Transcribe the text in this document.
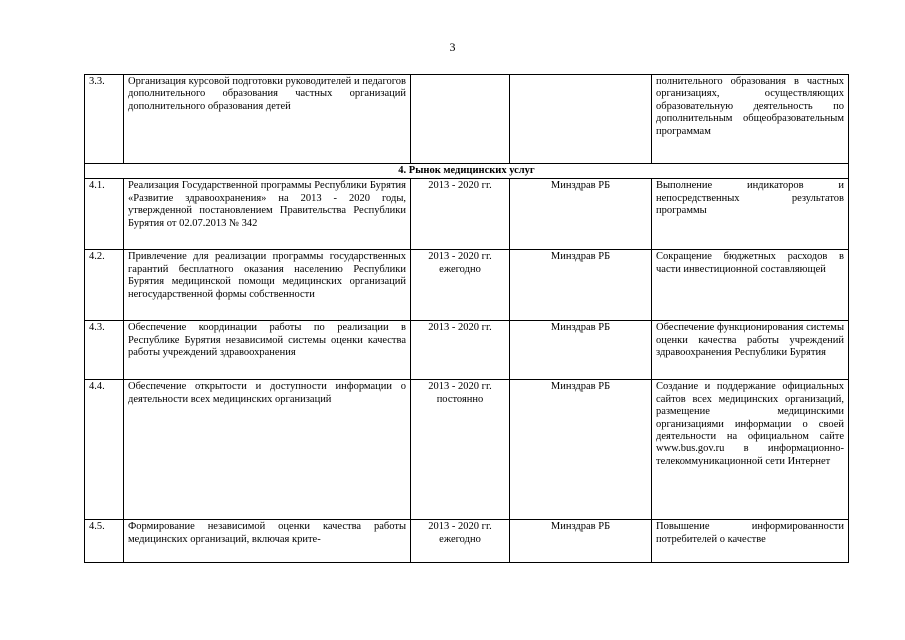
3
3.3.	Организация курсовой подготовки руководителей и педагогов дополнительного образования частных организаций дополнительного образования детей			полнительного образования в частных организациях, осуществляющих образовательную деятельность по дополнительным общеобразовательным программам
4. Рынок медицинских услуг				
4.1.	Реализация Государственной программы Республики Бурятия «Развитие здравоохранения» на 2013 - 2020 годы, утвержденной постановлением Правительства Республики Бурятия от 02.07.2013 № 342	2013 - 2020 гг.	Минздрав РБ	Выполнение индикаторов и непосредственных результатов программы
4.2.	Привлечение для реализации программы государственных гарантий бесплатного оказания населению Республики Бурятия медицинской помощи медицинских организаций негосударственной формы собственности	2013 - 2020 гг. ежегодно	Минздрав РБ	Сокращение бюджетных расходов в части инвестиционной составляющей
4.3.	Обеспечение координации работы по реализации в Республике Бурятия независимой системы оценки качества работы учреждений здравоохранения	2013 - 2020 гг.	Минздрав РБ	Обеспечение функционирования системы оценки качества работы учреждений здравоохранения Республики Бурятия
4.4.	Обеспечение открытости и доступности информации о деятельности всех медицинских организаций	2013 - 2020 гг. постоянно	Минздрав РБ	Создание и поддержание официальных сайтов всех медицинских организаций, размещение медицинскими организациями информации о своей деятельности на официальном сайте www.bus.gov.ru в информационно-телекоммуникационной сети Интернет
4.5.	Формирование независимой оценки качества работы медицинских организаций, включая крите-	2013 - 2020 гг. ежегодно	Минздрав РБ	Повышение информированности потребителей о качестве
